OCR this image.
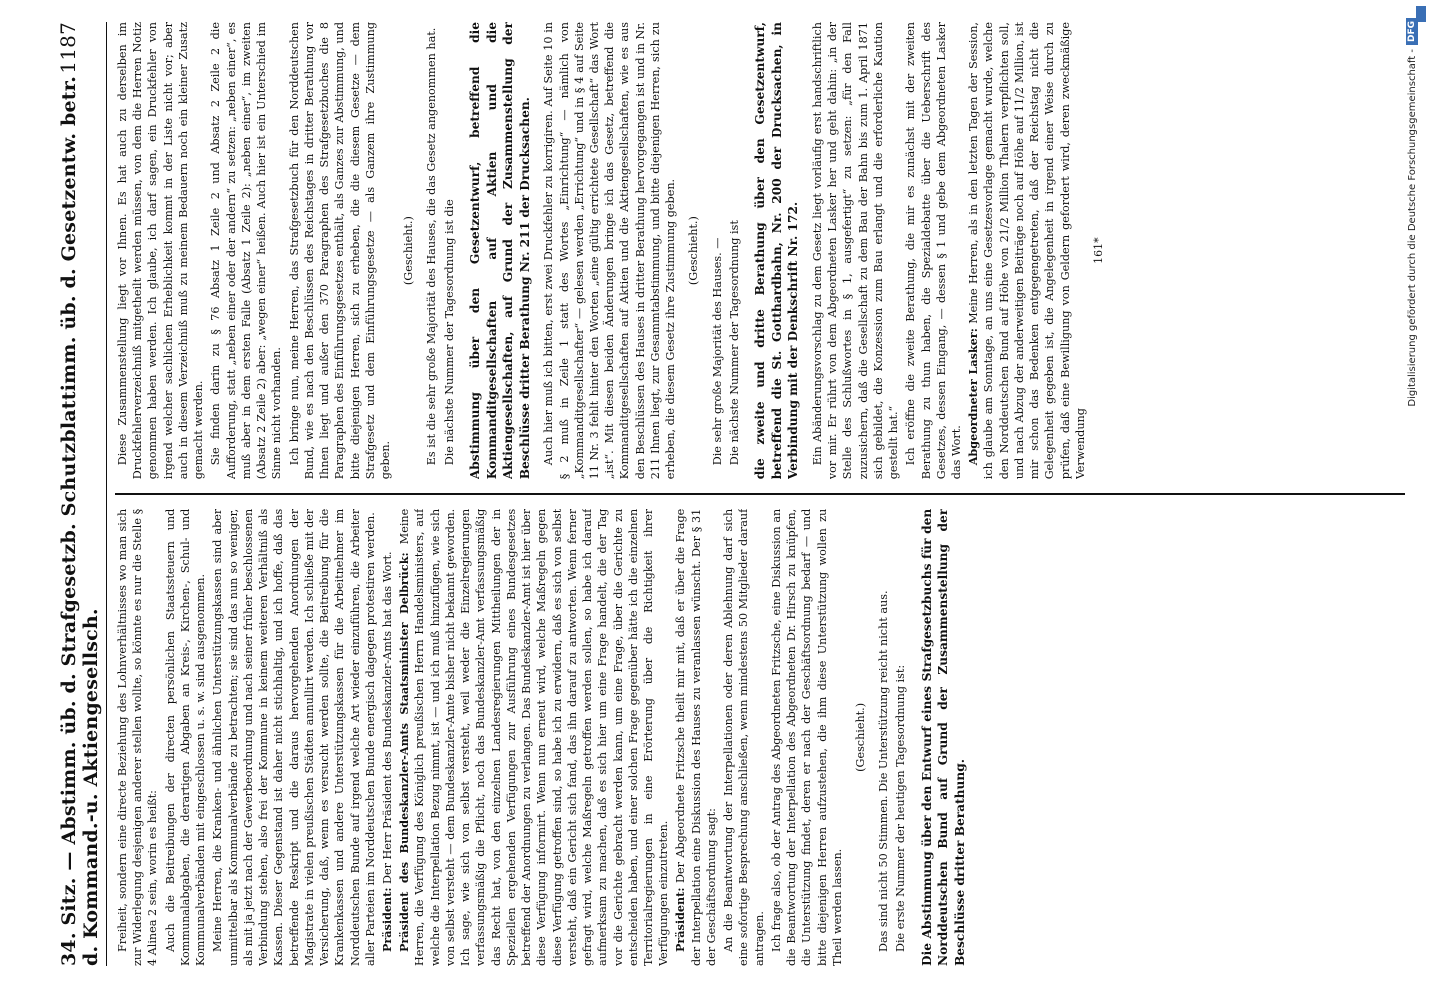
34. Sitz. — Abstimm. üb. d. Strafgesetzb. Schutzblattimm. üb. d. Gesetzentw. betr. d. Kommand.-u. Aktiengesellsch.
1187

Freiheit, sondern eine directe Beziehung des Lohnverhältnisses wo man sich zur Widerlegung desjenigen anderer stellen wollte, so könnte es nur die Stelle § 4 Alinea 2 sein, worin es heißt: Auch die Beitreibungen der directen persönlichen Staatssteuern und Kommunalabgaben, die derartigen Abgaben an Kreis-, Kirchen-, Schul- und Kommunalverbänden mit eingeschlossen u. s. w. sind ausgenommen. Meine Herren, die Kranken- und ähnlichen Unterstützungskassen sind aber unmittelbar als Kommunalverbände zu betrachten; sie sind das nun so weniger, als mit ja jetzt nach der Gewerbeordnung und nach seiner früher beschlossenen Verbindung stehen, also frei der Kommune in keinem weiteren Verhältniß als Kassen. Dieser Gegenstand ist daher nicht stichhaltig, und ich hoffe, daß das betreffende Reskript und die daraus hervorgehenden Anordnungen der Magistrate in vielen preußischen Städten annullirt werden. Ich schließe mit der Versicherung, daß, wenn es versucht werden sollte, die Beitreibung für die Krankenkassen und andere Unterstützungskassen für die Arbeitnehmer im Norddeutschen Bunde auf irgend welche Art wieder einzuführen, die Arbeiter aller Parteien im Norddeutschen Bunde energisch dagegen protestiren werden. Präsident: Der Herr Präsident des Bundeskanzler-Amts hat das Wort. Präsident des Bundeskanzler-Amts Staatsminister Delbrück: Meine Herren, die Verfügung des Königlich preußischen Herrn Handelsministers, auf welche die Interpellation Bezug nimmt, ist — und ich muß hinzufügen, wie sich von selbst versteht — dem Bundeskanzler-Amte bisher nicht bekannt geworden. Ich sage, wie sich von selbst versteht, weil weder die Einzelregierungen verfassungsmäßig die Pflicht, noch das Bundeskanzler-Amt verfassungsmäßig das Recht hat, von den einzelnen Landesregierungen Mittheilungen der in Speziellen ergehenden Verfügungen zur Ausführung eines Bundesgesetzes betreffend der Anordnungen zu verlangen. Das Bundeskanzler-Amt ist hier über diese Verfügung informirt. Wenn nun erneut wird, welche Maßregeln gegen diese Verfügung getroffen sind, so habe ich zu erwidern, daß es sich von selbst versteht, daß ein Gericht sich fand, das ihn darauf zu antworten. Wenn ferner gefragt wird, welche Maßregeln getroffen werden sollen, so habe ich darauf aufmerksam zu machen, daß es sich hier um eine Frage handelt, die der Tag vor die Gerichte gebracht werden kann, um eine Frage, über die Gerichte zu entscheiden haben, und einer solchen Frage gegenüber hätte ich die einzelnen Territorialregierungen in eine Erörterung über die Richtigkeit ihrer Verfügungen einzutreten. Präsident: Der Abgeordnete Fritzsche theilt mir mit, daß er über die Frage der Interpellation eine Diskussion des Hauses zu veranlassen wünscht. Der § 31 der Geschäftsordnung sagt: An die Beantwortung der Interpellationen oder deren Ablehnung darf sich eine sofortige Besprechung anschließen, wenn mindestens 50 Mitglieder darauf antragen. Ich frage also, ob der Antrag des Abgeordneten Fritzsche, eine Diskussion an die Beantwortung der Interpellation des Abgeordneten Dr. Hirsch zu knüpfen, die Unterstützung findet, deren er nach der Geschäftsordnung bedarf — und bitte diejenigen Herren aufzustehen, die ihm diese Unterstützung wollen zu Theil werden lassen.

(Geschieht.) Das sind nicht 50 Stimmen. Die Unterstützung reicht nicht aus. Die erste Nummer der heutigen Tagesordnung ist: Die Abstimmung über den Entwurf eines Strafgesetzbuchs für den Norddeutschen Bund auf Grund der Zusammenstellung der Beschlüsse dritter Berathung.

Diese Zusammenstellung liegt vor Ihnen. Es hat auch zu derselben im Druckfehlerverzeichniß mitgetheilt werden müssen, von dem die Herren Notiz genommen haben werden. Ich glaube, ich darf sagen, ein Druckfehler von irgend welcher sachlichen Erheblichkeit kommt in der Liste nicht vor; aber auch in diesem Verzeichniß muß zu meinem Bedauern noch ein kleiner Zusatz gemacht werden. Sie finden darin zu § 76 Absatz 1 Zeile 2 und Absatz 2 Zeile 2 die Aufforderung, statt „neben einer oder der andern“ zu setzen: „neben einer“, es muß aber in dem ersten Falle (Absatz 1 Zeile 2): „neben einer“, im zweiten (Absatz 2 Zeile 2) aber: „wegen einer“ heißen. Auch hier ist ein Unterschied im Sinne nicht vorhanden. Ich bringe nun, meine Herren, das Strafgesetzbuch für den Norddeutschen Bund, wie es nach den Beschlüssen des Reichstages in dritter Berathung vor Ihnen liegt und außer den 370 Paragraphen des Strafgesetzbuches die 8 Paragraphen des Einführungsgesetzes enthält, als Ganzes zur Abstimmung, und bitte diejenigen Herren, sich zu erheben, die die diesem Gesetze — dem Strafgesetz und dem Einführungsgesetze — als Ganzem ihre Zustimmung geben.

(Geschieht.) Es ist die sehr große Majorität des Hauses, die das Gesetz angenommen hat. Die nächste Nummer der Tagesordnung ist die Abstimmung über den Gesetzentwurf, betreffend die Kommanditgesellschaften auf Aktien und die Aktiengesellschaften, auf Grund der Zusammenstellung der Beschlüsse dritter Berathung Nr. 211 der Drucksachen. Auch hier muß ich bitten, erst zwei Druckfehler zu korrigiren. Auf Seite 10 in § 2 muß in Zeile 1 statt des Wortes „Einrichtung“ — nämlich von „Kommanditgesellschafter“ — gelesen werden „Errichtung“ und in § 4 auf Seite 11 Nr. 3 fehlt hinter den Worten „eine gültig errichtete Gesellschaft“ das Wort „ist“. Mit diesen beiden Änderungen bringe ich das Gesetz, betreffend die Kommanditgesellschaften auf Aktien und die Aktiengesellschaften, wie es aus den Beschlüssen des Hauses in dritter Berathung hervorgegangen ist und in Nr. 211 Ihnen liegt, zur Gesammtabstimmung, und bitte diejenigen Herren, sich zu erheben, die diesem Gesetz ihre Zustimmung geben. (Geschieht.) Die sehr große Majorität des Hauses. — Die nächste Nummer der Tagesordnung ist die zweite und dritte Berathung über den Gesetzentwurf, betreffend die St. Gotthardbahn, Nr. 200 der Drucksachen, in Verbindung mit der Denkschrift Nr. 172. Ein Abänderungsvorschlag zu dem Gesetz liegt vorläufig erst handschriftlich vor mir. Er rührt von dem Abgeordneten Lasker her und geht dahin: „in der Stelle des Schlußwortes in § 1, ausgefertigt“ zu setzen: „für den Fall zuzusichern, daß die Gesellschaft zu dem Bau der Bahn bis zum 1. April 1871 sich gebildet, die Konzession zum Bau erlangt und die erforderliche Kaution gestellt hat.“ Ich eröffne die zweite Berathung, die mir es zunächst mit der zweiten Berathung zu thun haben, die Spezialdebatte über die Ueberschrift des Gesetzes, dessen Eingang, — dessen § 1 und gebe dem Abgeordneten Lasker das Wort. Abgeordneter Lasker: Meine Herren, als in den letzten Tagen der Session, ich glaube am Sonntage, an uns eine Gesetzesvorlage gemacht wurde, welche den Norddeutschen Bund auf Höhe von 21/2 Million Thalern verpflichten soll, und nach Abzug der anderweitigen Beiträge noch auf Höhe auf 11/2 Million, ist mir schon das Bedenken entgegengetreten, daß der Reichstag nicht die Gelegenheit gegeben ist, die Angelegenheit in irgend einer Weise durch zu prüfen, daß eine Bewilligung von Geldern gefordert wird, deren zweckmäßige Verwendung

161*	Digitalisierung gefördert durch die Deutsche Forschungsgemeinschaft -
DFG
